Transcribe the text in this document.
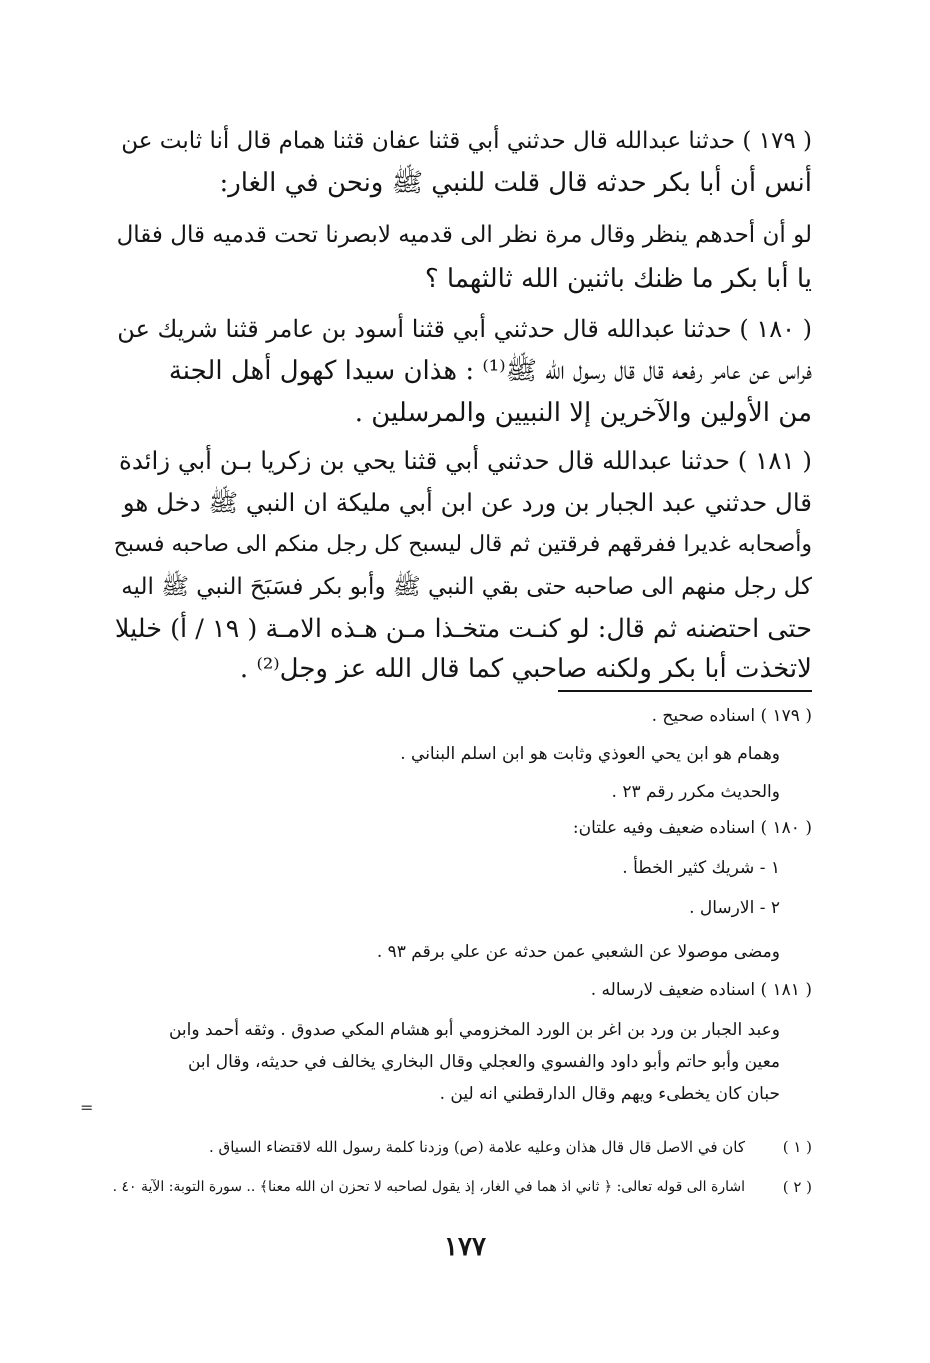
( ١٧٩ ) حدثنا عبدالله قال حدثني أبي قثنا عفان قثنا همام قال أنا ثابت عن
أنس أن أبا بكر حدثه قال قلت للنبي ﷺ ونحن في الغار:
لو أن أحدهم ينظر وقال مرة نظر الى قدميه لابصرنا تحت قدميه قال فقال
يا أبا بكر ما ظنك باثنين الله ثالثهما ؟
( ١٨٠ ) حدثنا عبدالله قال حدثني أبي قثنا أسود بن عامر قثنا شريك عن
فراس عن عامر رفعه قال قال رسول الله ﷺ⁽¹⁾ : هذان سيدا كهول أهل الجنة
من الأولين والآخرين إلا النبيين والمرسلين .
( ١٨١ ) حدثنا عبدالله قال حدثني أبي قثنا يحي بن زكريا بـن أبي زائدة
قال حدثني عبد الجبار بن ورد عن ابن أبي مليكة ان النبي ﷺ دخل هو
وأصحابه غديرا ففرقهم فرقتين ثم قال ليسبح كل رجل منكم الى صاحبه فسبح
كل رجل منهم الى صاحبه حتى بقي النبي ﷺ وأبو بكر فسَبَحَ النبي ﷺ اليه
حتى احتضنه ثم قال: لو كنـت متخـذا مـن هـذه الامـة ( ١٩ / أ) خليلا
لاتخذت أبا بكر ولكنه صاحبي كما قال الله عز وجل⁽²⁾ .
( ١٧٩ ) اسناده صحيح .
وهمام هو ابن يحي العوذي وثابت هو ابن اسلم البناني .
والحديث مكرر رقم ٢٣ .
( ١٨٠ ) اسناده ضعيف وفيه علتان:
١ - شريك كثير الخطأ .
٢ - الارسال .
ومضى موصولا عن الشعبي عمن حدثه عن علي برقم ٩٣ .
( ١٨١ ) اسناده ضعيف لارساله .
وعبد الجبار بن ورد بن اغر بن الورد المخزومي أبو هشام المكي صدوق . وثقه أحمد وابن
معين وأبو حاتم وأبو داود والفسوي والعجلي وقال البخاري يخالف في حديثه، وقال ابن
حبان كان يخطىء ويهم وقال الدارقطني انه لين .
=
( ١ )
كان في الاصل قال قال هذان وعليه علامة (ص) وزدنا كلمة رسول الله لاقتضاء السياق .
( ٢ )
اشارة الى قوله تعالى: ﴿ ثاني اذ هما في الغار، إذ يقول لصاحبه لا تحزن ان الله معنا﴾ .. سورة التوبة: الآية ٤٠ .
١٧٧
